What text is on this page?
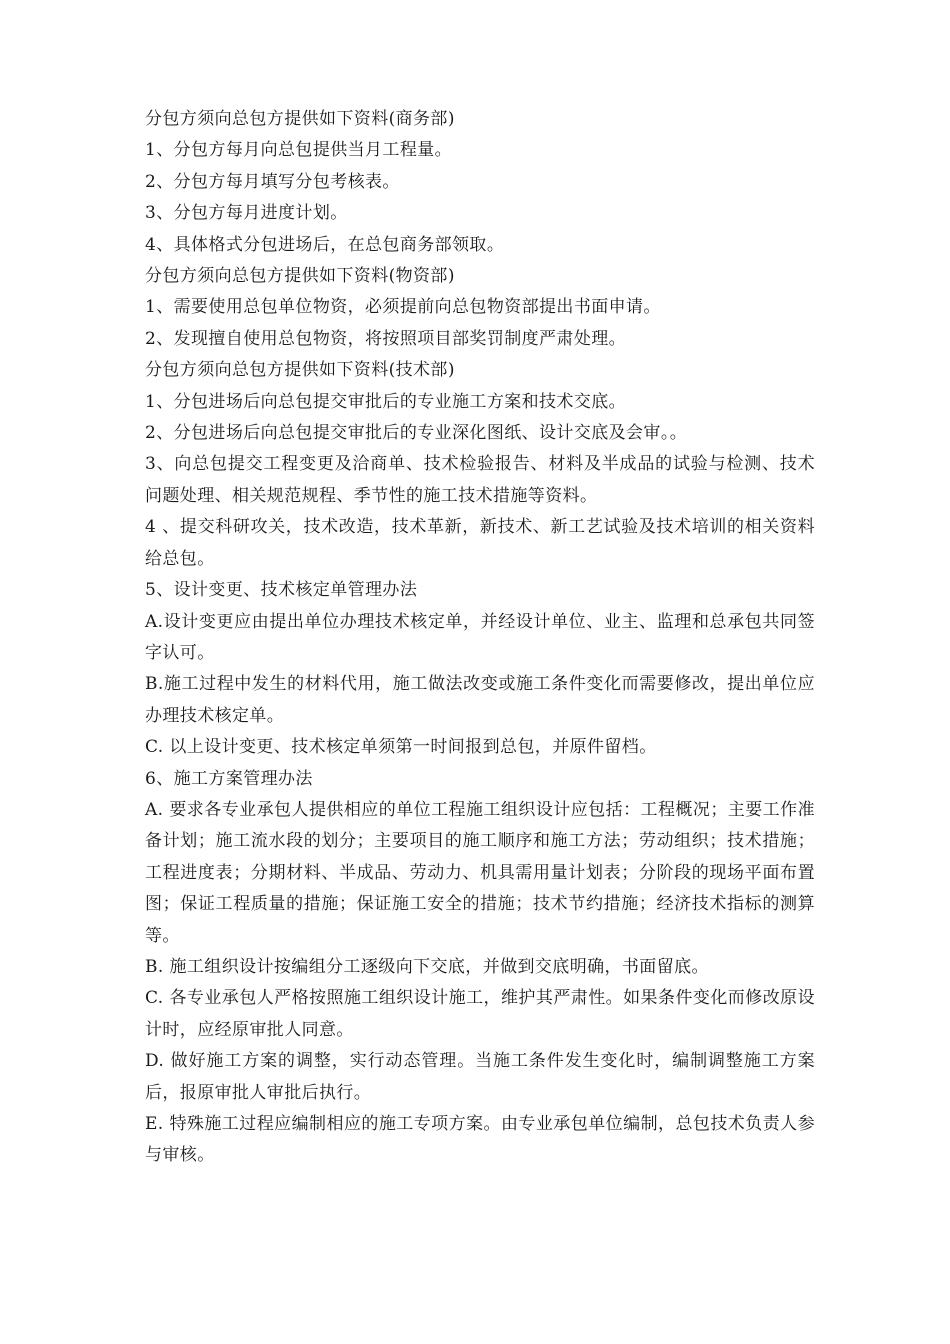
分包方须向总包方提供如下资料(商务部)

1、分包方每月向总包提供当月工程量。

2、分包方每月填写分包考核表。

3、分包方每月进度计划。

4、具体格式分包进场后，在总包商务部领取。

分包方须向总包方提供如下资料(物资部)

1、需要使用总包单位物资，必须提前向总包物资部提出书面申请。

2、发现擅自使用总包物资，将按照项目部奖罚制度严肃处理。

分包方须向总包方提供如下资料(技术部)

1、分包进场后向总包提交审批后的专业施工方案和技术交底。

2、分包进场后向总包提交审批后的专业深化图纸、设计交底及会审。。

3、向总包提交工程变更及洽商单、技术检验报告、材料及半成品的试验与检测、技术问题处理、相关规范规程、季节性的施工技术措施等资料。

4 、提交科研攻关，技术改造，技术革新，新技术、新工艺试验及技术培训的相关资料给总包。

5、设计变更、技术核定单管理办法

A.设计变更应由提出单位办理技术核定单，并经设计单位、业主、监理和总承包共同签字认可。

B.施工过程中发生的材料代用，施工做法改变或施工条件变化而需要修改，提出单位应办理技术核定单。

C. 以上设计变更、技术核定单须第一时间报到总包，并原件留档。

6、施工方案管理办法

A. 要求各专业承包人提供相应的单位工程施工组织设计应包括：工程概况；主要工作准备计划；施工流水段的划分；主要项目的施工顺序和施工方法；劳动组织；技术措施；工程进度表；分期材料、半成品、劳动力、机具需用量计划表；分阶段的现场平面布置图；保证工程质量的措施；保证施工安全的措施；技术节约措施；经济技术指标的测算等。

B. 施工组织设计按编组分工逐级向下交底，并做到交底明确，书面留底。

C. 各专业承包人严格按照施工组织设计施工，维护其严肃性。如果条件变化而修改原设计时，应经原审批人同意。

D. 做好施工方案的调整，实行动态管理。当施工条件发生变化时，编制调整施工方案后，报原审批人审批后执行。

E. 特殊施工过程应编制相应的施工专项方案。由专业承包单位编制，总包技术负责人参与审核。
